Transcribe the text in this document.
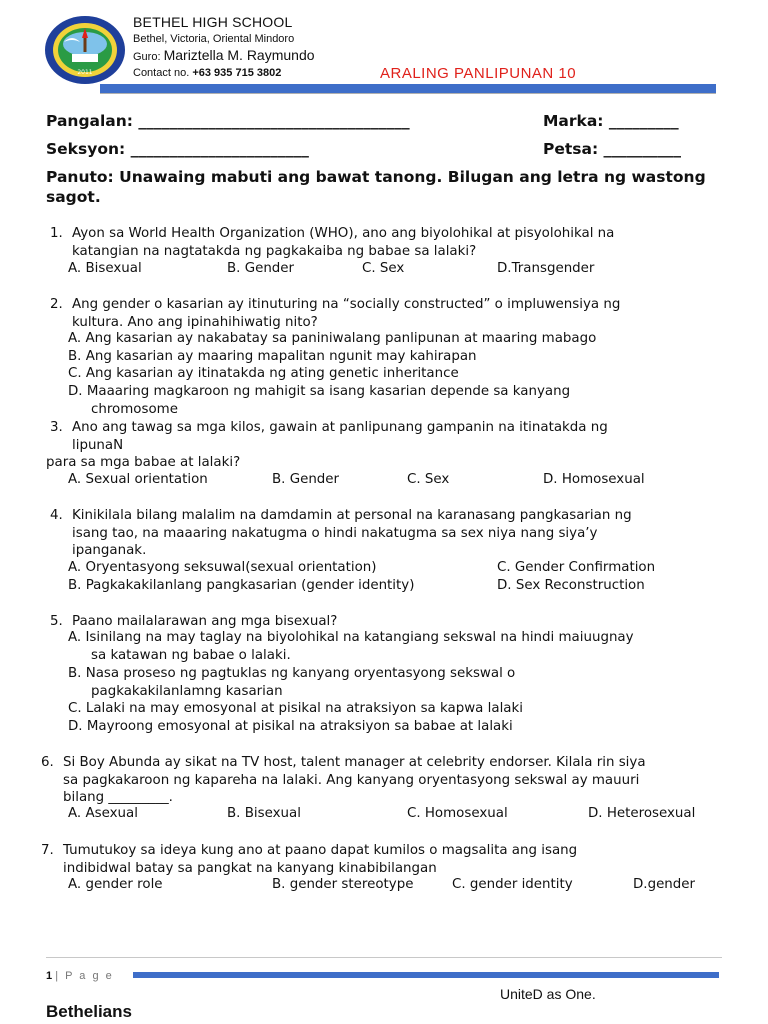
2011
BETHEL HIGH SCHOOL
Bethel, Victoria, Oriental Mindoro
Guro: Mariztella M. Raymundo
Contact no. +63 935 715 3802	ARALING PANLIPUNAN 10
Pangalan: ___________________________________	Marka: _________
Seksyon: _______________________	Petsa: __________
Panuto: Unawaing mabuti ang bawat tanong. Bilugan ang letra ng wastong sagot.
1. Ayon sa World Health Organization (WHO), ano ang biyolohikal at pisyolohikal na
katangian na nagtatakda ng pagkakaiba ng babae sa lalaki?
A. Bisexual	B. Gender	C. Sex	D.Transgender
2. Ang gender o kasarian ay itinuturing na “socially constructed” o impluwensiya ng
kultura. Ano ang ipinahihiwatig nito?
A. Ang kasarian ay nakabatay sa paniniwalang panlipunan at maaring mabago
B. Ang kasarian ay maaring mapalitan ngunit may kahirapan
C. Ang kasarian ay itinatakda ng ating genetic inheritance
D. Maaaring magkaroon ng mahigit sa isang kasarian depende sa kanyang
chromosome
3. Ano ang tawag sa mga kilos, gawain at panlipunang gampanin na itinatakda ng
lipunaN
para sa mga babae at lalaki?
A. Sexual orientation	B. Gender	C. Sex	D. Homosexual
4. Kinikilala bilang malalim na damdamin at personal na karanasang pangkasarian ng
isang tao, na maaaring nakatugma o hindi nakatugma sa sex niya nang siya’y
ipanganak.
A. Oryentasyong seksuwal(sexual orientation)	C. Gender Confirmation
B. Pagkakakilanlang pangkasarian (gender identity)	D. Sex Reconstruction
5. Paano mailalarawan ang mga bisexual?
A. Isinilang na may taglay na biyolohikal na katangiang sekswal na hindi maiuugnay
sa katawan ng babae o lalaki.
B. Nasa proseso ng pagtuklas ng kanyang oryentasyong sekswal o
pagkakakilanlamng kasarian
C. Lalaki na may emosyonal at pisikal na atraksiyon sa kapwa lalaki
D. Mayroong emosyonal at pisikal na atraksiyon sa babae at lalaki
6. Si Boy Abunda ay sikat na TV host, talent manager at celebrity endorser. Kilala rin siya
sa pagkakaroon ng kapareha na lalaki. Ang kanyang oryentasyong sekswal ay mauuri
bilang _________.
A. Asexual	B. Bisexual	C. Homosexual	D. Heterosexual
7. Tumutukoy sa ideya kung ano at paano dapat kumilos o magsalita ang isang
indibidwal batay sa pangkat na kanyang kinabibilangan
A. gender role	B. gender stereotype	C. gender identity	D.gender
1 | P a g e
UniteD as One.
Bethelians
